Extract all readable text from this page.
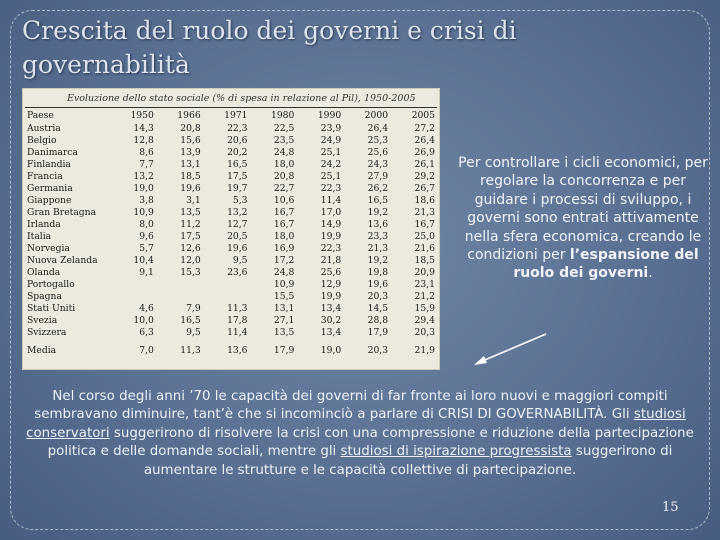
Crescita del ruolo dei governi e crisi di governabilità
Evoluzione dello stato sociale (% di spesa in relazione al Pil), 1950-2005
Paese	1950	1966	1971	1980	1990	2000	2005
Austria	14,3	20,8	22,3	22,5	23,9	26,4	27,2
Belgio	12,8	15,6	20,6	23,5	24,9	25,3	26,4
Danimarca	8,6	13,9	20,2	24,8	25,1	25,6	26,9
Finlandia	7,7	13,1	16,5	18,0	24,2	24,3	26,1
Francia	13,2	18,5	17,5	20,8	25,1	27,9	29,2
Germania	19,0	19,6	19,7	22,7	22,3	26,2	26,7
Giappone	3,8	3,1	5,3	10,6	11,4	16,5	18,6
Gran Bretagna	10,9	13,5	13,2	16,7	17,0	19,2	21,3
Irlanda	8,0	11,2	12,7	16,7	14,9	13,6	16,7
Italia	9,6	17,5	20,5	18,0	19,9	23,3	25,0
Norvegia	5,7	12,6	19,6	16,9	22,3	21,3	21,6
Nuova Zelanda	10,4	12,0	9,5	17,2	21,8	19,2	18,5
Olanda	9,1	15,3	23,6	24,8	25,6	19,8	20,9
Portogallo				10,9	12,9	19,6	23,1
Spagna				15,5	19,9	20,3	21,2
Stati Uniti	4,6	7,9	11,3	13,1	13,4	14,5	15,9
Svezia	10,0	16,5	17,8	27,1	30,2	28,8	29,4
Svizzera	6,3	9,5	11,4	13,5	13,4	17,9	20,3
Media	7,0	11,3	13,6	17,9	19,0	20,3	21,9

Per controllare i cicli economici, per regolare la concorrenza e per guidare i processi di sviluppo, i governi sono entrati attivamente nella sfera economica, creando le condizioni per l’espansione del ruolo dei governi.

Nel corso degli anni ’70 le capacità dei governi di far fronte ai loro nuovi e maggiori compiti sembravano diminuire, tant’è che si incominciò a parlare di CRISI DI GOVERNABILITÀ. Gli studiosi conservatori suggerirono di risolvere la crisi con una compressione e riduzione della partecipazione politica e delle domande sociali, mentre gli studiosi di ispirazione progressista suggerirono di aumentare le strutture e le capacità collettive di partecipazione.

15
